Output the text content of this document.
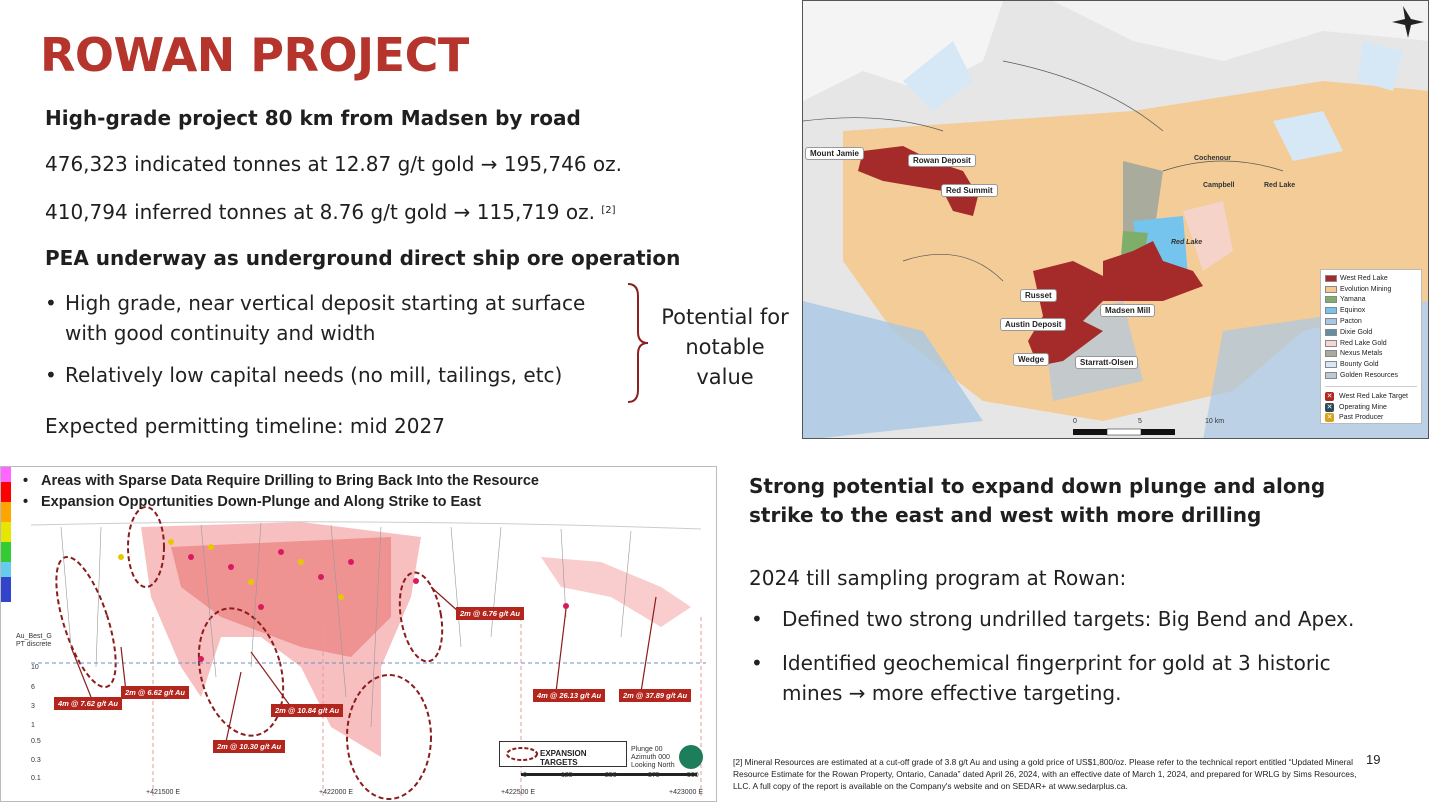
ROWAN PROJECT
High-grade project 80 km from Madsen by road
476,323 indicated tonnes at 12.87 g/t gold → 195,746 oz.
410,794 inferred tonnes at 8.76 g/t gold → 115,719 oz. [2]
PEA underway as underground direct ship ore operation
• High grade, near vertical deposit starting at surface with good continuity and width
• Relatively low capital needs (no mill, tailings, etc)
Potential for notable value
Expected permitting timeline: mid 2027
Mount Jamie
Rowan Deposit
Red Summit
Cochenour
Campbell	Red Lake
Red Lake
Russet
Austin Deposit
Madsen Mill
Wedge	Starratt-Olsen
West Red Lake
Evolution Mining
Yamana
Equinox
Pacton
Dixie Gold
Red Lake Gold
Nexus Metals
Bounty Gold
Golden Resources
✕ West Red Lake Target
✕ Operating Mine
✕ Past Producer
0	5	10 km
• Areas with Sparse Data Require Drilling to Bring Back Into the Resource
• Expansion Opportunities Down-Plunge and Along Strike to East
2m @ 6.76 g/t Au
4m @ 7.62 g/t Au
2m @ 6.62 g/t Au
2m @ 10.84 g/t Au
2m @ 10.30 g/t Au
4m @ 26.13 g/t Au	2m @ 37.89 g/t Au
Au_Best_G
PT discrete
10
6
3
1
0.5
0.3
0.1
EXPANSION TARGETS
Plunge 00
Azimuth 000
Looking North
0	125	250	375	500
+421500 E	+422000 E	+422500 E	+423000 E
Strong potential to expand down plunge and along strike to the east and west with more drilling
2024 till sampling program at Rowan:
• Defined two strong undrilled targets: Big Bend and Apex.
• Identified geochemical fingerprint for gold at 3 historic mines → more effective targeting.
[2] Mineral Resources are estimated at a cut-off grade of 3.8 g/t Au and using a gold price of US$1,800/oz. Please refer to the technical report entitled “Updated Mineral Resource Estimate for the Rowan Property, Ontario, Canada” dated April 26, 2024, with an effective date of March 1, 2024, and prepared for WRLG by Sims Resources, LLC. A full copy of the report is available on the Company's website and on SEDAR+ at www.sedarplus.ca.
19
